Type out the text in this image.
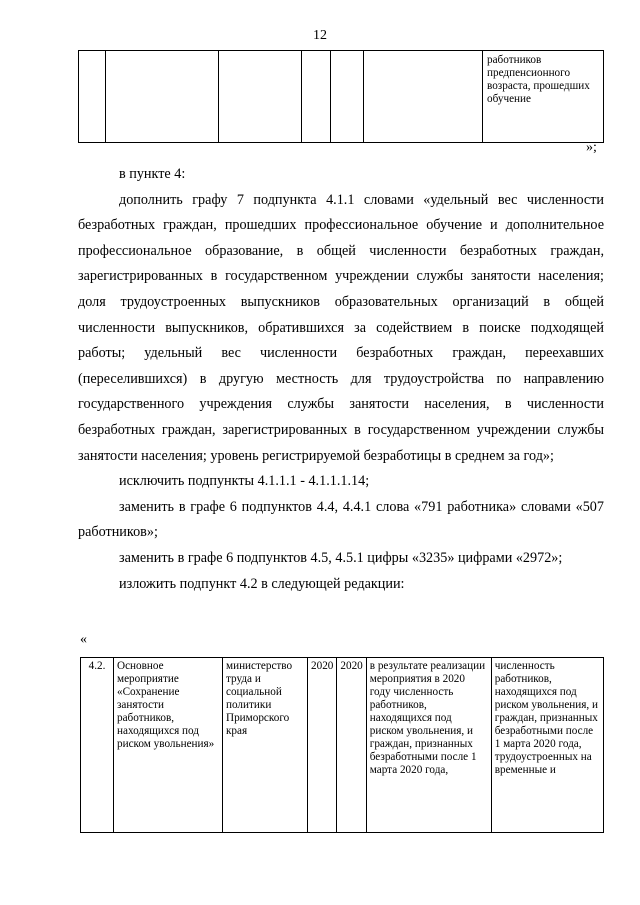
12
						работников предпенсионного возраста, прошедших обучение
»;

в пункте 4:

дополнить графу 7 подпункта 4.1.1 словами «удельный вес численности безработных граждан, прошедших профессиональное обучение и дополнительное профессиональное образование, в общей численности безработных граждан, зарегистрированных в государственном учреждении службы занятости населения; доля трудоустроенных выпускников образовательных организаций в общей численности выпускников, обратившихся за содействием в поиске подходящей работы; удельный вес численности безработных граждан, переехавших (переселившихся) в другую местность для трудоустройства по направлению государственного учреждения службы занятости населения, в численности безработных граждан, зарегистрированных в государственном учреждении службы занятости населения; уровень регистрируемой безработицы в среднем за год»;

исключить подпункты 4.1.1.1 - 4.1.1.1.14;

заменить в графе 6 подпунктов 4.4, 4.4.1 слова «791 работника» словами «507 работников»;

заменить в графе 6 подпунктов 4.5, 4.5.1 цифры «3235» цифрами «2972»;

изложить подпункт 4.2 в следующей редакции:

«
4.2.	Основное мероприятие «Сохранение занятости работников, находящихся под риском увольнения»	министерство труда и социальной политики Приморского края	2020	2020	в результате реализации мероприятия в 2020 году численность работников, находящихся под риском увольнения, и граждан, признанных безработными после 1 марта 2020 года,	численность работников, находящихся под риском увольнения, и граждан, признанных безработными после 1 марта 2020 года, трудоустроенных на временные и
